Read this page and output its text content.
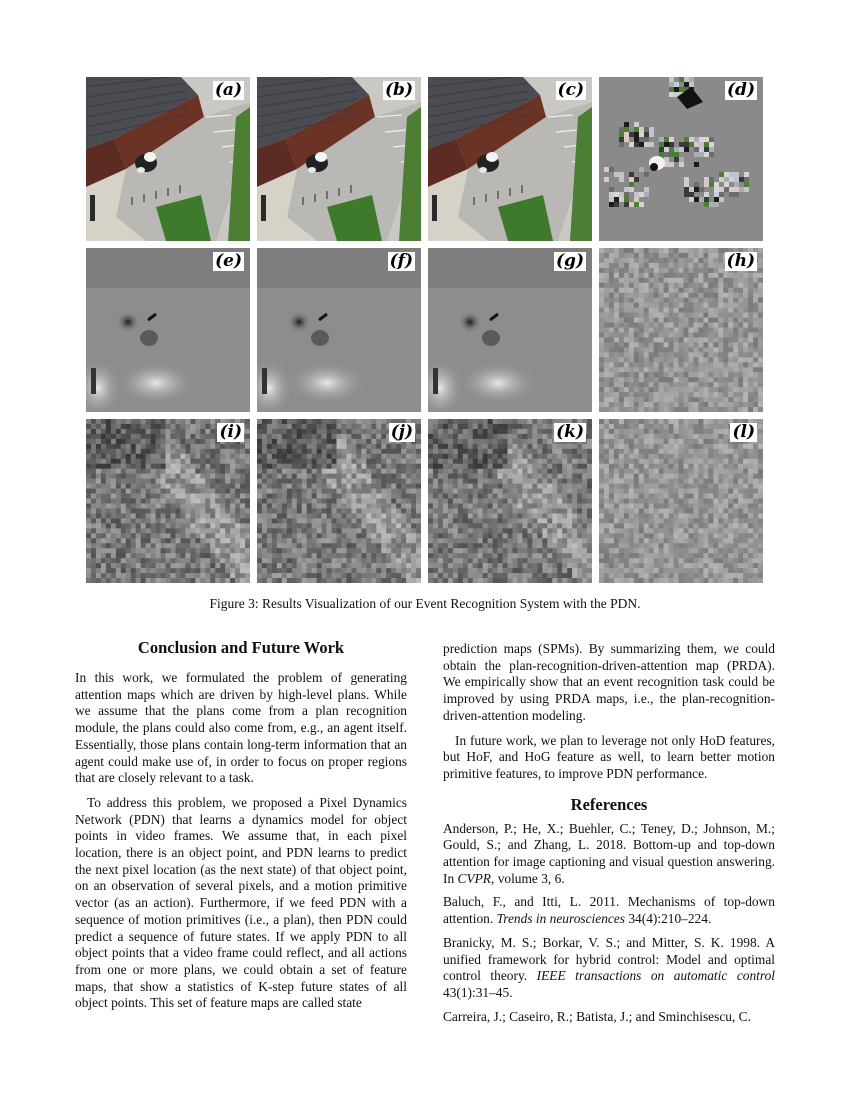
(a)	(b)	(c)	(d)
(e)	(f)	(g)	(h)
(i)	(j)	(k)	(l)
Figure 3: Results Visualization of our Event Recognition System with the PDN.
Conclusion and Future Work

In this work, we formulated the problem of generating attention maps which are driven by high-level plans. While we assume that the plans come from a plan recognition module, the plans could also come from, e.g., an agent itself. Essentially, those plans contain long-term information that an agent could make use of, in order to focus on proper regions that are closely relevant to a task.

To address this problem, we proposed a Pixel Dynamics Network (PDN) that learns a dynamics model for object points in video frames. We assume that, in each pixel location, there is an object point, and PDN learns to predict the next pixel location (as the next state) of that object point, on an observation of several pixels, and a motion primitive vector (as an action). Furthermore, if we feed PDN with a sequence of motion primitives (i.e., a plan), then PDN could predict a sequence of future states. If we apply PDN to all object points that a video frame could reflect, and all actions from one or more plans, we could obtain a set of feature maps, that show a statistics of K-step future states of all object points. This set of feature maps are called state

prediction maps (SPMs). By summarizing them, we could obtain the plan-recognition-driven-attention map (PRDA). We empirically show that an event recognition task could be improved by using PRDA maps, i.e., the plan-recognition-driven-attention modeling.

In future work, we plan to leverage not only HoD features, but HoF, and HoG feature as well, to learn better motion primitive features, to improve PDN performance.

References
Anderson, P.; He, X.; Buehler, C.; Teney, D.; Johnson, M.; Gould, S.; and Zhang, L. 2018. Bottom-up and top-down attention for image captioning and visual question answering. In CVPR, volume 3, 6.
Baluch, F., and Itti, L. 2011. Mechanisms of top-down attention. Trends in neurosciences 34(4):210–224.
Branicky, M. S.; Borkar, V. S.; and Mitter, S. K. 1998. A unified framework for hybrid control: Model and optimal control theory. IEEE transactions on automatic control 43(1):31–45.
Carreira, J.; Caseiro, R.; Batista, J.; and Sminchisescu, C.
